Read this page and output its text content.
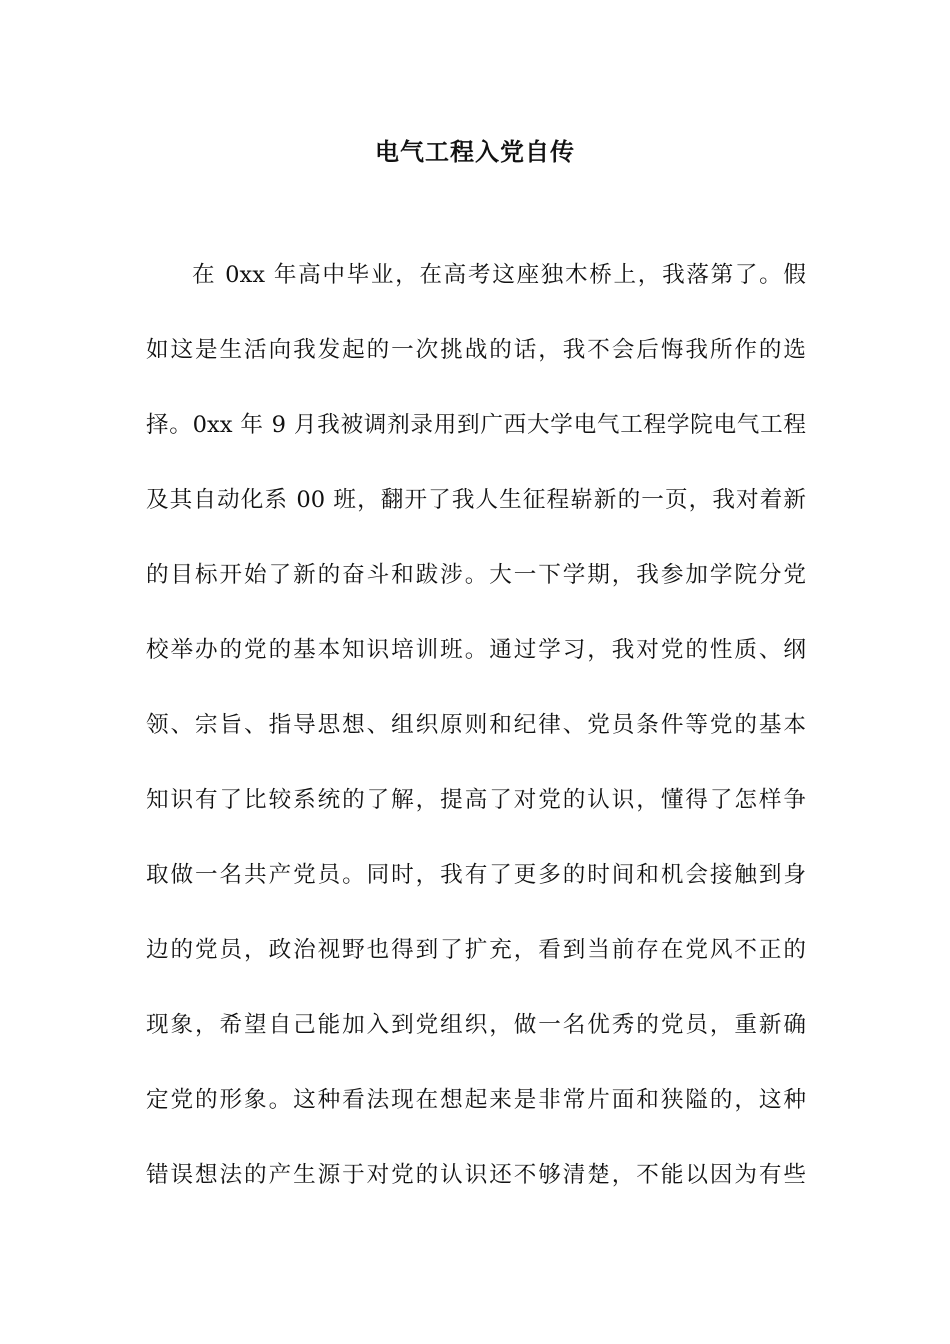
电气工程入党自传
在 0xx 年高中毕业，在高考这座独木桥上，我落第了。假
如这是生活向我发起的一次挑战的话，我不会后悔我所作的选
择。0xx 年 9 月我被调剂录用到广西大学电气工程学院电气工程
及其自动化系 00 班，翻开了我人生征程崭新的一页，我对着新
的目标开始了新的奋斗和跋涉。大一下学期，我参加学院分党
校举办的党的基本知识培训班。通过学习，我对党的性质、纲
领、宗旨、指导思想、组织原则和纪律、党员条件等党的基本
知识有了比较系统的了解，提高了对党的认识，懂得了怎样争
取做一名共产党员。同时，我有了更多的时间和机会接触到身
边的党员，政治视野也得到了扩充，看到当前存在党风不正的
现象，希望自己能加入到党组织，做一名优秀的党员，重新确
定党的形象。这种看法现在想起来是非常片面和狭隘的，这种
错误想法的产生源于对党的认识还不够清楚，不能以因为有些
